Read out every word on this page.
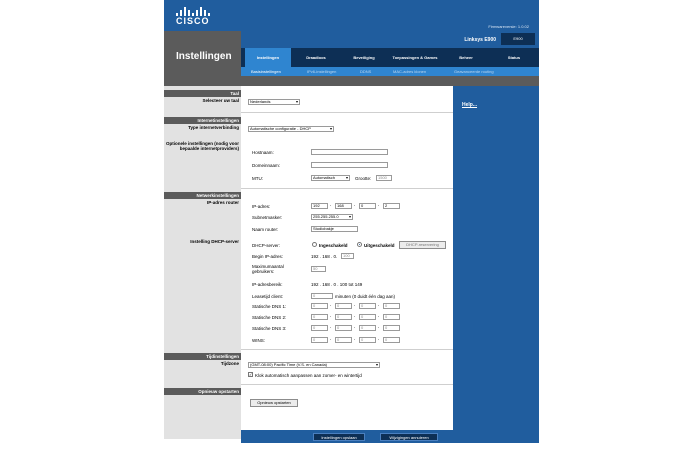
CISCO
Firmwareversie: 1.0.02
Instellingen
Linksys E900	E900
Instellingen	Draadloos	Beveiliging	Toepassingen & Games	Beheer	Status
Basisinstellingen	IPv6-instellingen	DDNS	MAC-adres klonen	Geavanceerde routing
Help...
Taal
Selecteer uw taal	Nederlands	▾
Internetinstellingen
Type internetverbinding	Automatische configuratie - DHCP	▾
Optionele instellingen (nodig voor bepaalde internetproviders)
Hostnaam:
Domeinnaam:
MTU:	Automatisch	▾ Grootte:	1500
Netwerkinstellingen
IP-adres router
IP-adres:	192	.	168	.	0	.	2
Subnetmasker:	255.255.255.0	▾
Naam router:	Studiobakje
Instelling DHCP-server
DHCP-server:	Ingeschakeld	Uitgeschakeld	DHCP-reservering
Begin IP-adres:	192 . 168 . 0.	100
Maximumaantal gebruikers:
50
IP-adresbereik:	192 . 168 . 0 . 100 tot 149
Leasetijd client:	0	minuten (0 duidt één dag aan)
Statische DNS 1:	0	.	0	.	0	.	0
Statische DNS 2:	0	.	0	.	0	.	0
Statische DNS 3:	0	.	0	.	0	.	0
WINS:	0	.	0	.	0	.	0
Tijdinstellingen
Tijdzone	(GMT-08:00) Pacific Time (V.S. en Canada)	▾
✓ Klok automatisch aanpassen aan zomer- en wintertijd
Opnieuw opstarten
Opnieuw opstarten
Instellingen opslaan	Wijzigingen annuleren
